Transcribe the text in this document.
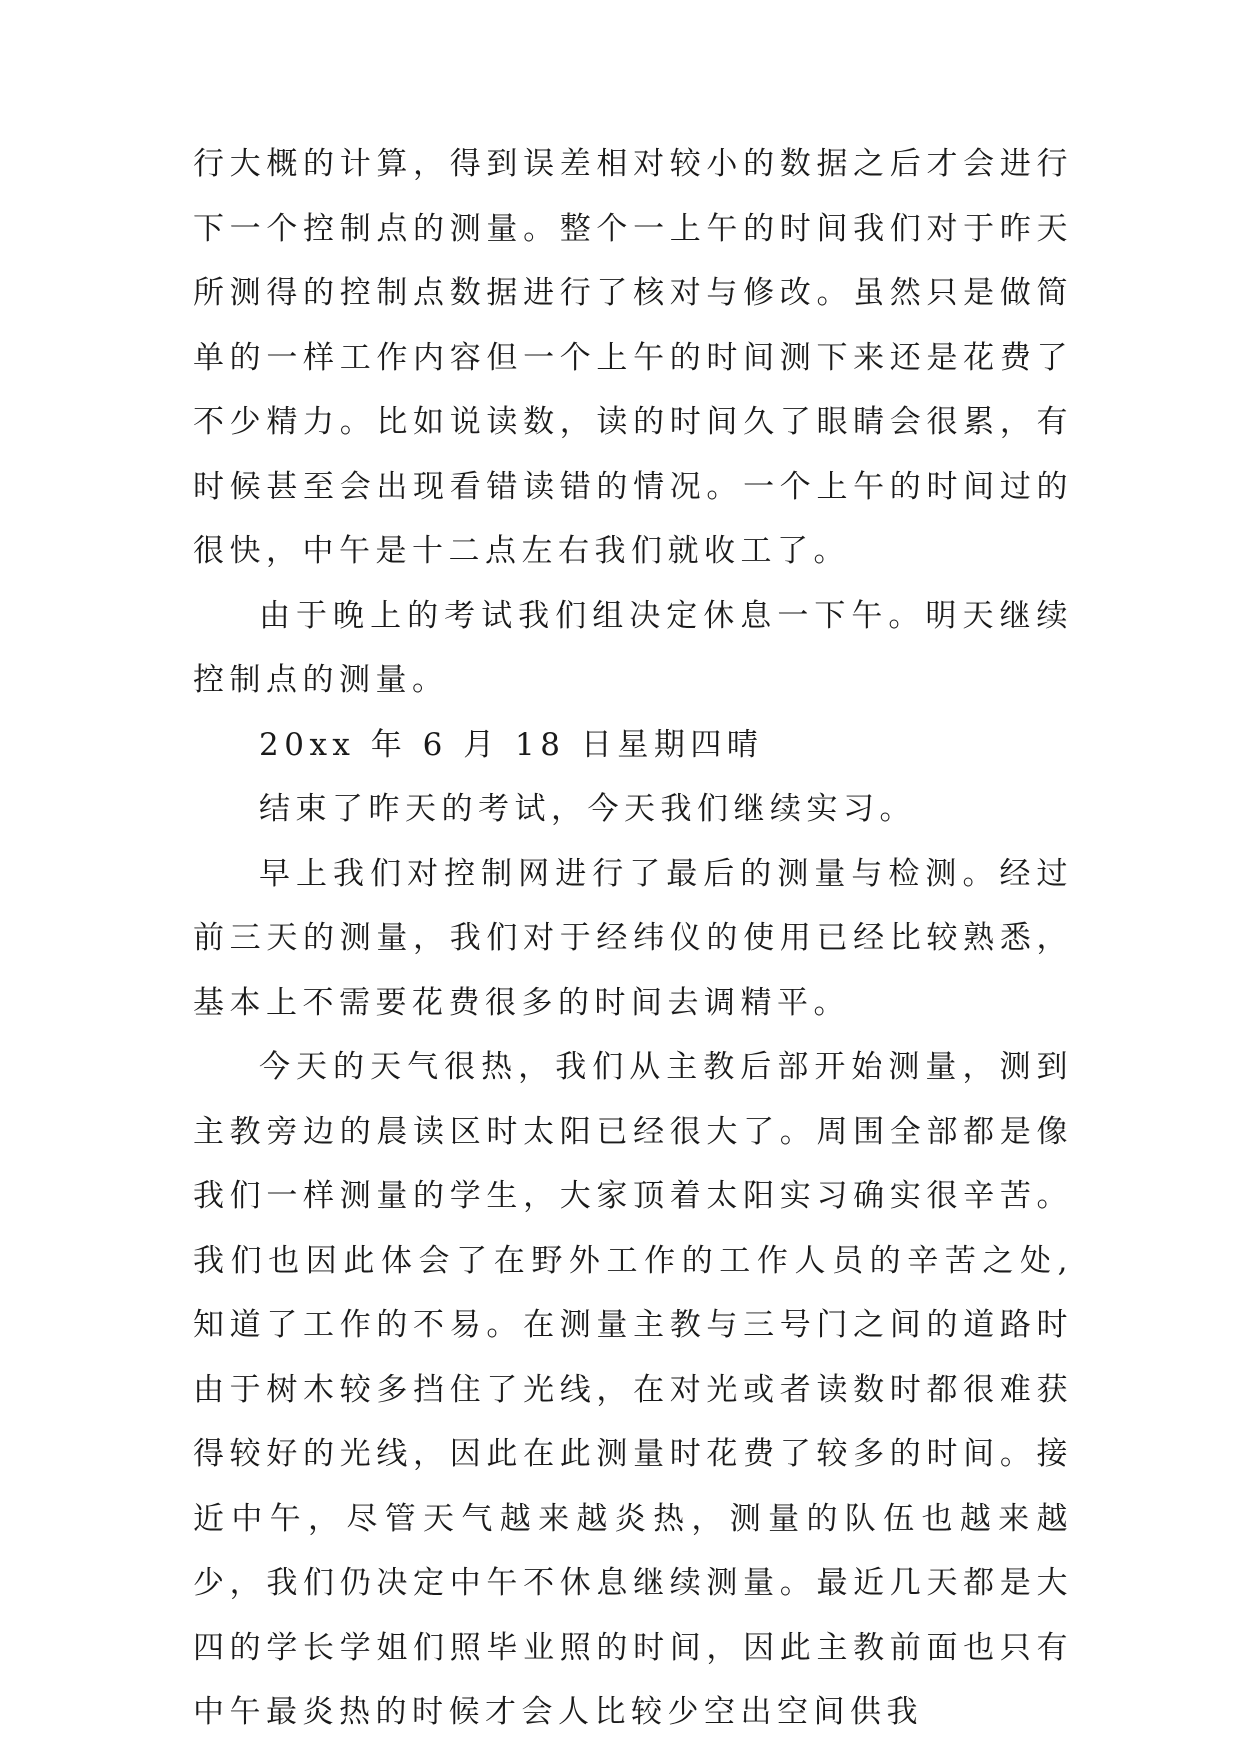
行大概的计算，得到误差相对较小的数据之后才会进行下一个控制点的测量。整个一上午的时间我们对于昨天所测得的控制点数据进行了核对与修改。虽然只是做简单的一样工作内容但一个上午的时间测下来还是花费了不少精力。比如说读数，读的时间久了眼睛会很累，有时候甚至会出现看错读错的情况。一个上午的时间过的很快，中午是十二点左右我们就收工了。

由于晚上的考试我们组决定休息一下午。明天继续控制点的测量。

20xx 年 6 月 18 日星期四晴

结束了昨天的考试，今天我们继续实习。

早上我们对控制网进行了最后的测量与检测。经过前三天的测量，我们对于经纬仪的使用已经比较熟悉，基本上不需要花费很多的时间去调精平。

今天的天气很热，我们从主教后部开始测量，测到主教旁边的晨读区时太阳已经很大了。周围全部都是像我们一样测量的学生，大家顶着太阳实习确实很辛苦。我们也因此体会了在野外工作的工作人员的辛苦之处,知道了工作的不易。在测量主教与三号门之间的道路时由于树木较多挡住了光线，在对光或者读数时都很难获得较好的光线，因此在此测量时花费了较多的时间。接近中午，尽管天气越来越炎热，测量的队伍也越来越少，我们仍决定中午不休息继续测量。最近几天都是大四的学长学姐们照毕业照的时间，因此主教前面也只有中午最炎热的时候才会人比较少空出空间供我
